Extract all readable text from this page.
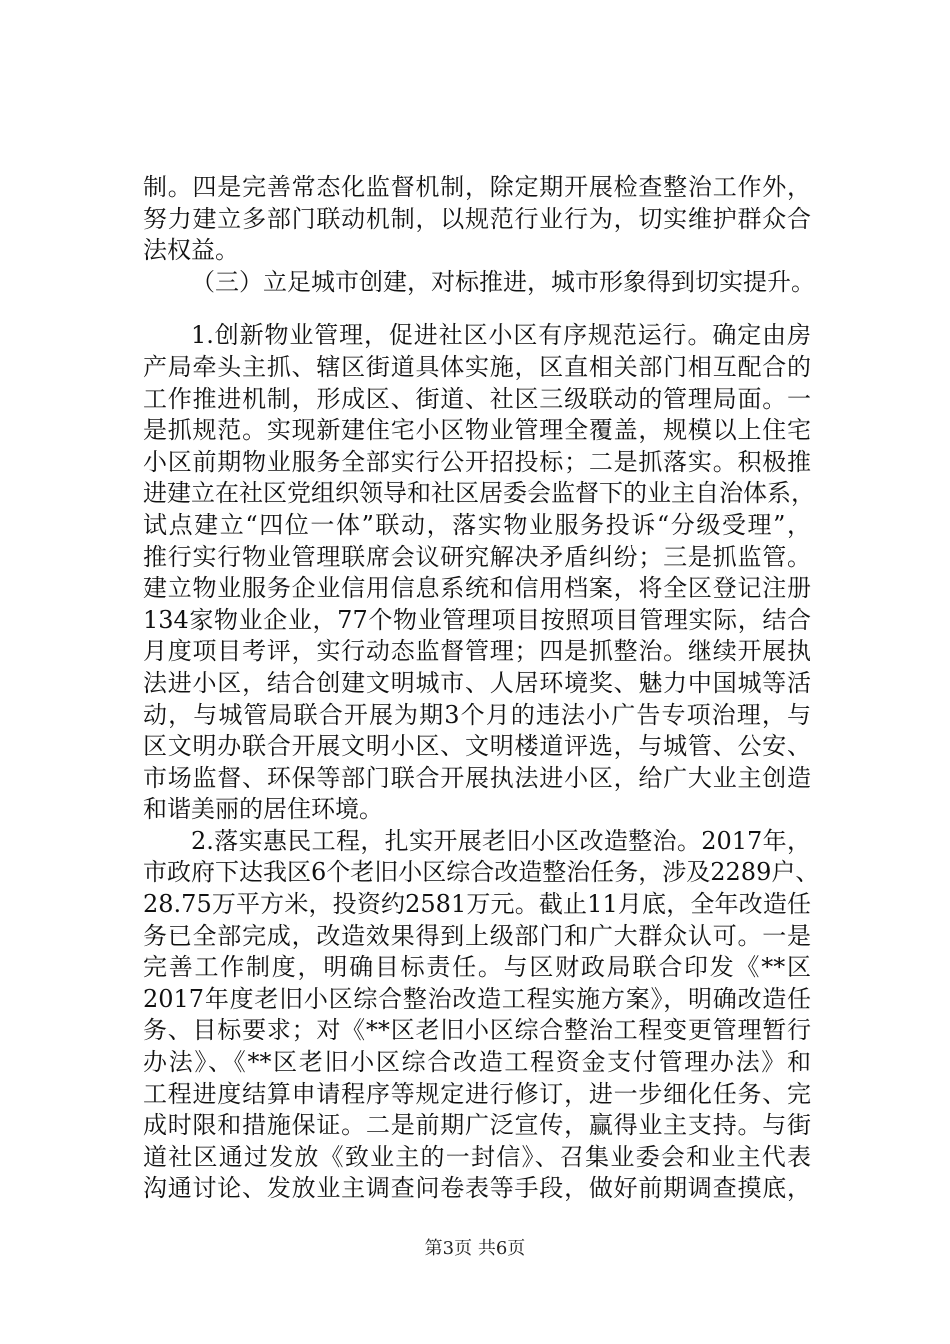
制。四是完善常态化监督机制，除定期开展检查整治工作外，
努力建立多部门联动机制，以规范行业行为，切实维护群众合
法权益。
（三）立足城市创建，对标推进，城市形象得到切实提升。
1.创新物业管理，促进社区小区有序规范运行。确定由房
产局牵头主抓、辖区街道具体实施，区直相关部门相互配合的
工作推进机制，形成区、街道、社区三级联动的管理局面。一
是抓规范。实现新建住宅小区物业管理全覆盖，规模以上住宅
小区前期物业服务全部实行公开招投标；二是抓落实。积极推
进建立在社区党组织领导和社区居委会监督下的业主自治体系，
试点建立“四位一体”联动，落实物业服务投诉“分级受理”，
推行实行物业管理联席会议研究解决矛盾纠纷；三是抓监管。
建立物业服务企业信用信息系统和信用档案，将全区登记注册
134家物业企业，77个物业管理项目按照项目管理实际，结合
月度项目考评，实行动态监督管理；四是抓整治。继续开展执
法进小区，结合创建文明城市、人居环境奖、魅力中国城等活
动，与城管局联合开展为期3个月的违法小广告专项治理，与
区文明办联合开展文明小区、文明楼道评选，与城管、公安、
市场监督、环保等部门联合开展执法进小区，给广大业主创造
和谐美丽的居住环境。
2.落实惠民工程，扎实开展老旧小区改造整治。2017年，
市政府下达我区6个老旧小区综合改造整治任务，涉及2289户、
28.75万平方米，投资约2581万元。截止11月底，全年改造任
务已全部完成，改造效果得到上级部门和广大群众认可。一是
完善工作制度，明确目标责任。与区财政局联合印发《**区
2017年度老旧小区综合整治改造工程实施方案》，明确改造任
务、目标要求；对《**区老旧小区综合整治工程变更管理暂行
办法》、《**区老旧小区综合改造工程资金支付管理办法》和
工程进度结算申请程序等规定进行修订，进一步细化任务、完
成时限和措施保证。二是前期广泛宣传，赢得业主支持。与街
道社区通过发放《致业主的一封信》、召集业委会和业主代表
沟通讨论、发放业主调查问卷表等手段，做好前期调查摸底，
第3页 共6页
